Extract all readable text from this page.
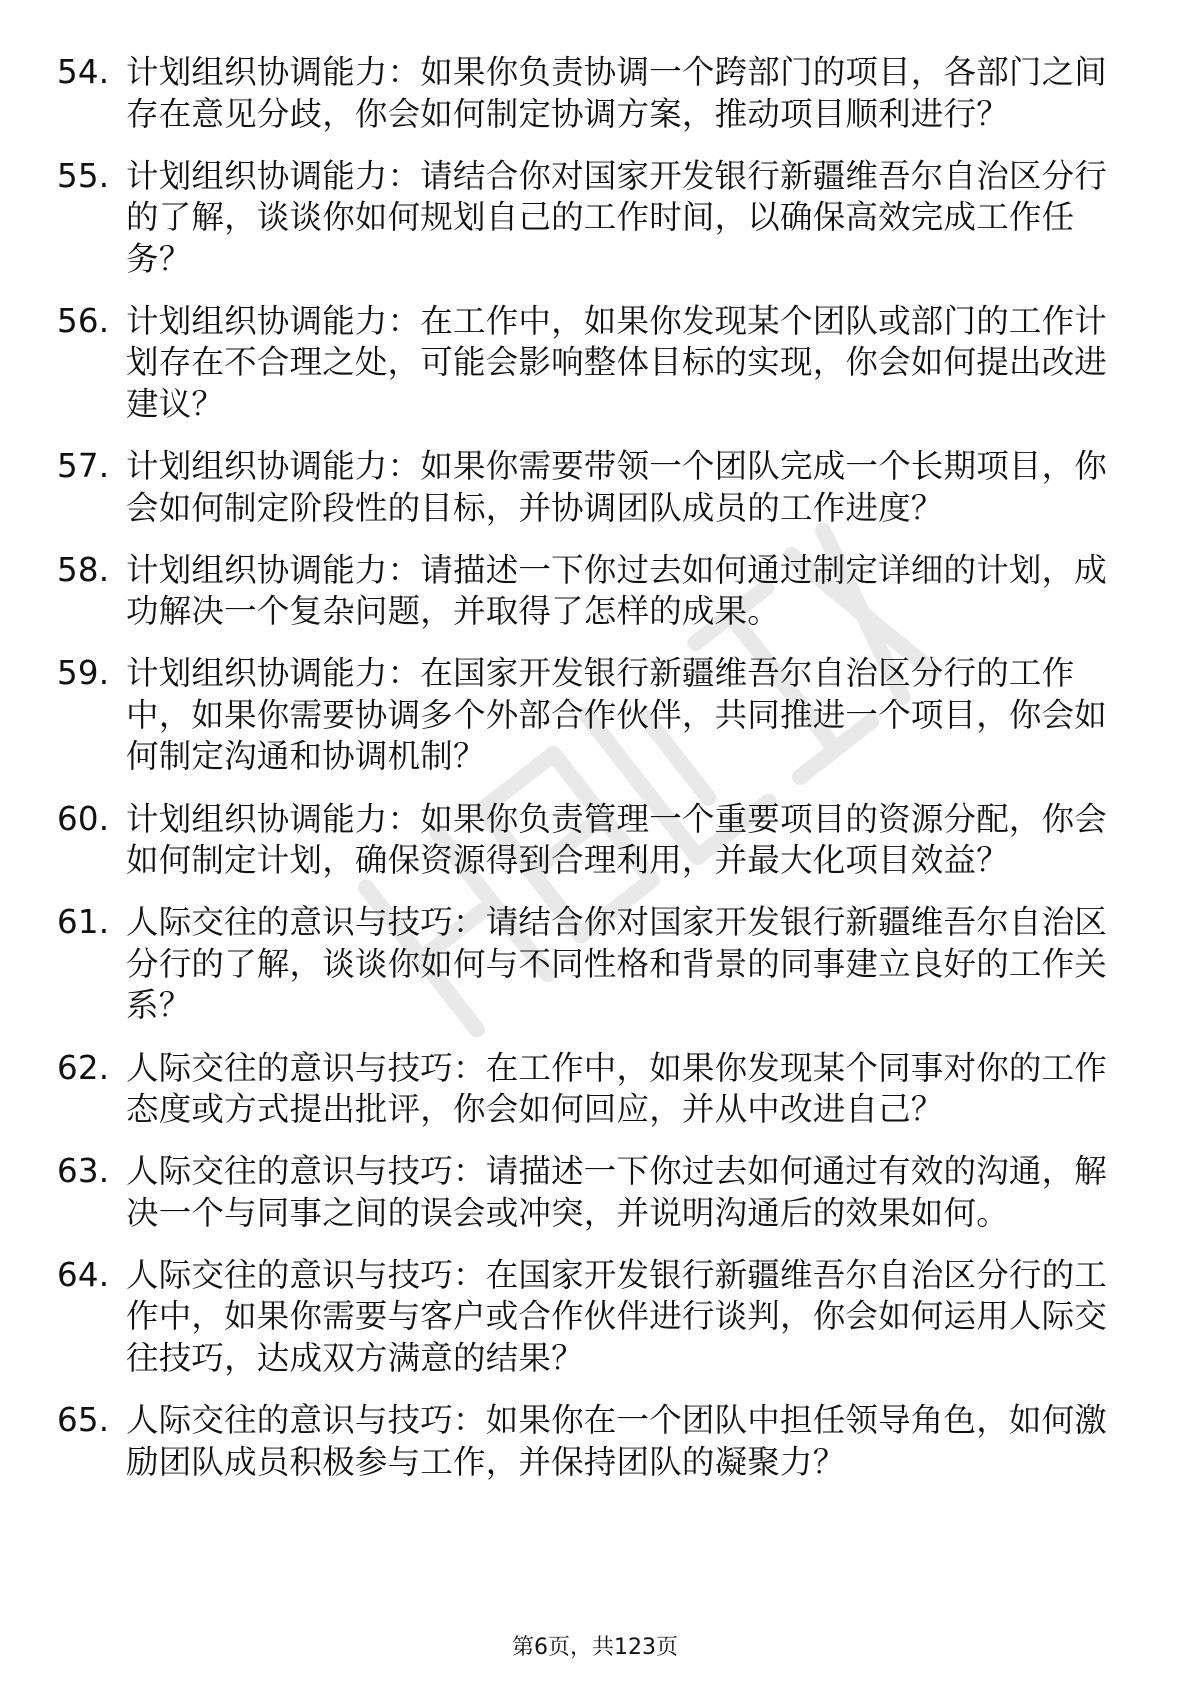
54. 计划组织协调能力：如果你负责协调一个跨部门的项目，各部门之间存在意见分歧，你会如何制定协调方案，推动项目顺利进行？
55. 计划组织协调能力：请结合你对国家开发银行新疆维吾尔自治区分行的了解，谈谈你如何规划自己的工作时间，以确保高效完成工作任务？
56. 计划组织协调能力：在工作中，如果你发现某个团队或部门的工作计划存在不合理之处，可能会影响整体目标的实现，你会如何提出改进建议？
57. 计划组织协调能力：如果你需要带领一个团队完成一个长期项目，你会如何制定阶段性的目标，并协调团队成员的工作进度？
58. 计划组织协调能力：请描述一下你过去如何通过制定详细的计划，成功解决一个复杂问题，并取得了怎样的成果。
59. 计划组织协调能力：在国家开发银行新疆维吾尔自治区分行的工作中，如果你需要协调多个外部合作伙伴，共同推进一个项目，你会如何制定沟通和协调机制？
60. 计划组织协调能力：如果你负责管理一个重要项目的资源分配，你会如何制定计划，确保资源得到合理利用，并最大化项目效益？
61. 人际交往的意识与技巧：请结合你对国家开发银行新疆维吾尔自治区分行的了解，谈谈你如何与不同性格和背景的同事建立良好的工作关系？
62. 人际交往的意识与技巧：在工作中，如果你发现某个同事对你的工作态度或方式提出批评，你会如何回应，并从中改进自己？
63. 人际交往的意识与技巧：请描述一下你过去如何通过有效的沟通，解决一个与同事之间的误会或冲突，并说明沟通后的效果如何。
64. 人际交往的意识与技巧：在国家开发银行新疆维吾尔自治区分行的工作中，如果你需要与客户或合作伙伴进行谈判，你会如何运用人际交往技巧，达成双方满意的结果？
65. 人际交往的意识与技巧：如果你在一个团队中担任领导角色，如何激励团队成员积极参与工作，并保持团队的凝聚力？
第6页，共123页
